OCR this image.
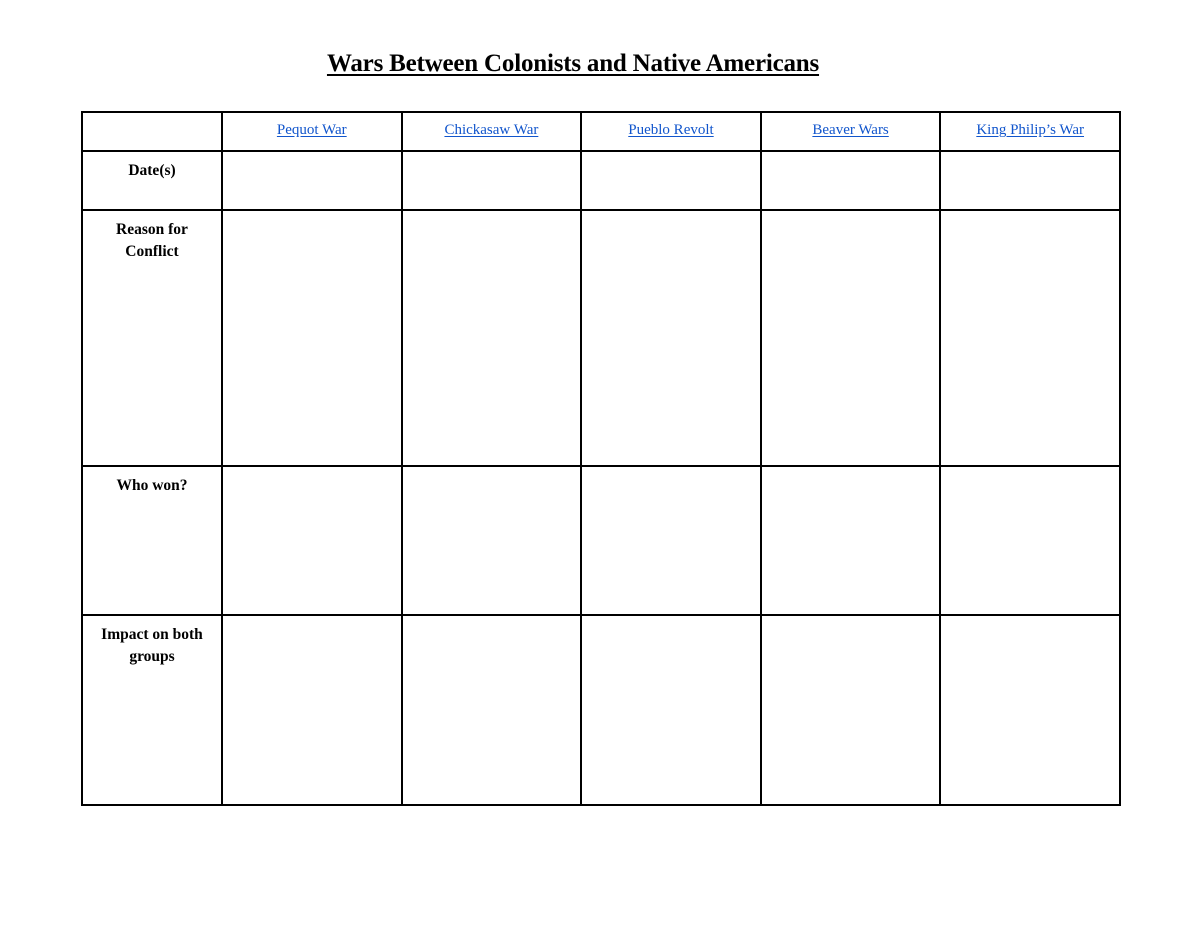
Wars Between Colonists and Native Americans
	Pequot War	Chickasaw War	Pueblo Revolt	Beaver Wars	King Philip’s War

Date(s)					

Reason for Conflict					

Who won?					

Impact on both groups					
